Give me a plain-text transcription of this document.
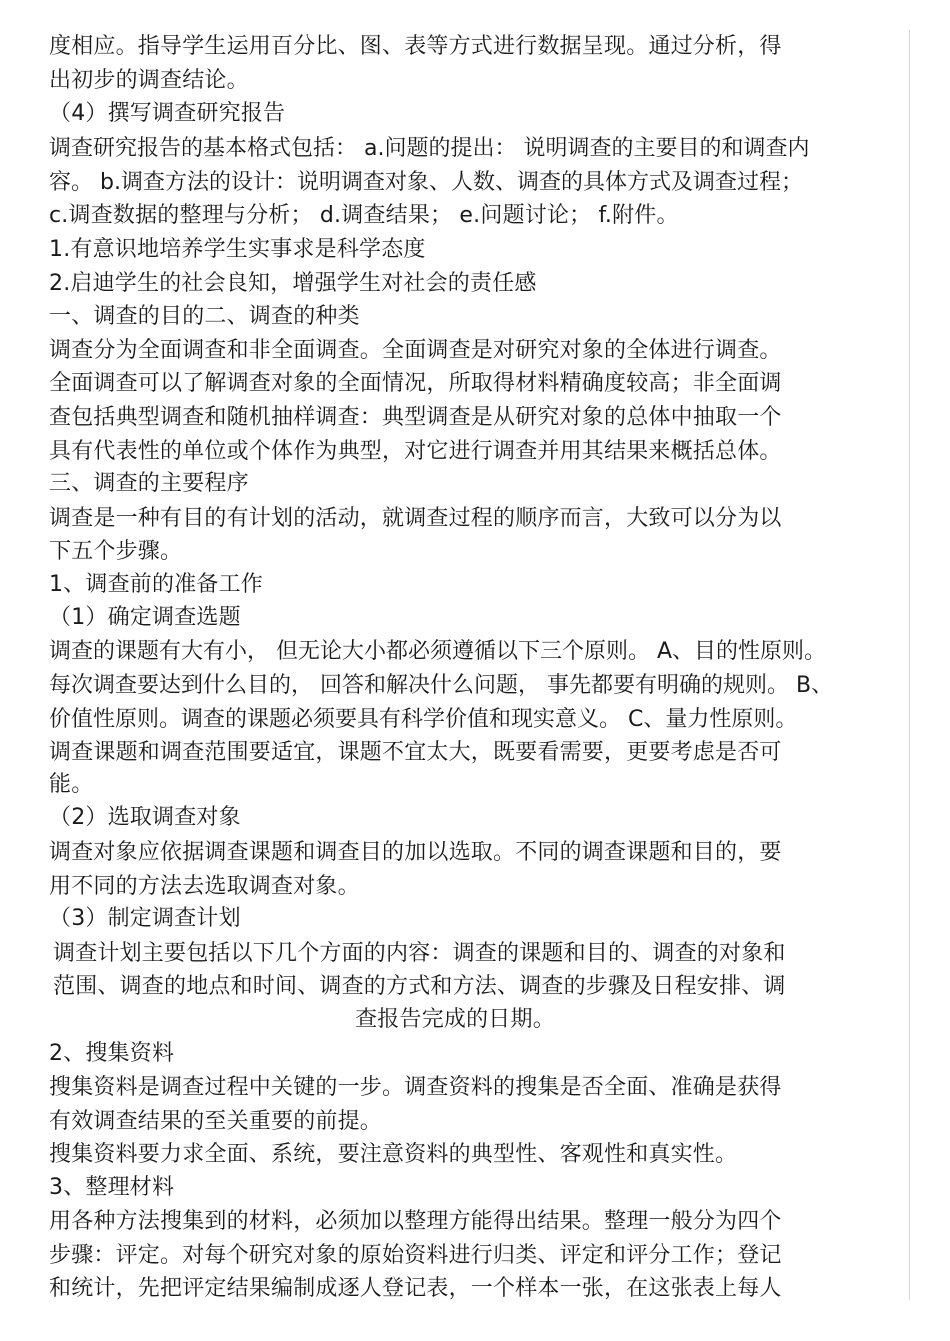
度相应。指导学生运用百分比、图、表等方式进行数据呈现。通过分析，得
出初步的调查结论。
（4）撰写调查研究报告
调查研究报告的基本格式包括： a.问题的提出： 说明调查的主要目的和调查内
容。 b.调查方法的设计：说明调查对象、人数、调查的具体方式及调查过程；
c.调查数据的整理与分析； d.调查结果； e.问题讨论； f.附件。
1.有意识地培养学生实事求是科学态度
2.启迪学生的社会良知，增强学生对社会的责任感
一、调查的目的二、调查的种类
调查分为全面调查和非全面调查。全面调查是对研究对象的全体进行调查。
全面调查可以了解调查对象的全面情况，所取得材料精确度较高；非全面调
查包括典型调查和随机抽样调查：典型调查是从研究对象的总体中抽取一个
具有代表性的单位或个体作为典型，对它进行调查并用其结果来概括总体。
三、调查的主要程序
调查是一种有目的有计划的活动，就调查过程的顺序而言，大致可以分为以
下五个步骤。
1、调查前的准备工作
（1）确定调查选题
调查的课题有大有小， 但无论大小都必须遵循以下三个原则。 A、目的性原则。
每次调查要达到什么目的， 回答和解决什么问题， 事先都要有明确的规则。 B、
价值性原则。调查的课题必须要具有科学价值和现实意义。 C、量力性原则。
调查课题和调查范围要适宜，课题不宜太大，既要看需要，更要考虑是否可
能。
（2）选取调查对象
调查对象应依据调查课题和调查目的加以选取。不同的调查课题和目的，要
用不同的方法去选取调查对象。
（3）制定调查计划
调查计划主要包括以下几个方面的内容：调查的课题和目的、调查的对象和
范围、调查的地点和时间、调查的方式和方法、调查的步骤及日程安排、调
查报告完成的日期。
2、搜集资料
搜集资料是调查过程中关键的一步。调查资料的搜集是否全面、准确是获得
有效调查结果的至关重要的前提。
搜集资料要力求全面、系统，要注意资料的典型性、客观性和真实性。
3、整理材料
用各种方法搜集到的材料，必须加以整理方能得出结果。整理一般分为四个
步骤：评定。对每个研究对象的原始资料进行归类、评定和评分工作；登记
和统计，先把评定结果编制成逐人登记表，一个样本一张，在这张表上每人
